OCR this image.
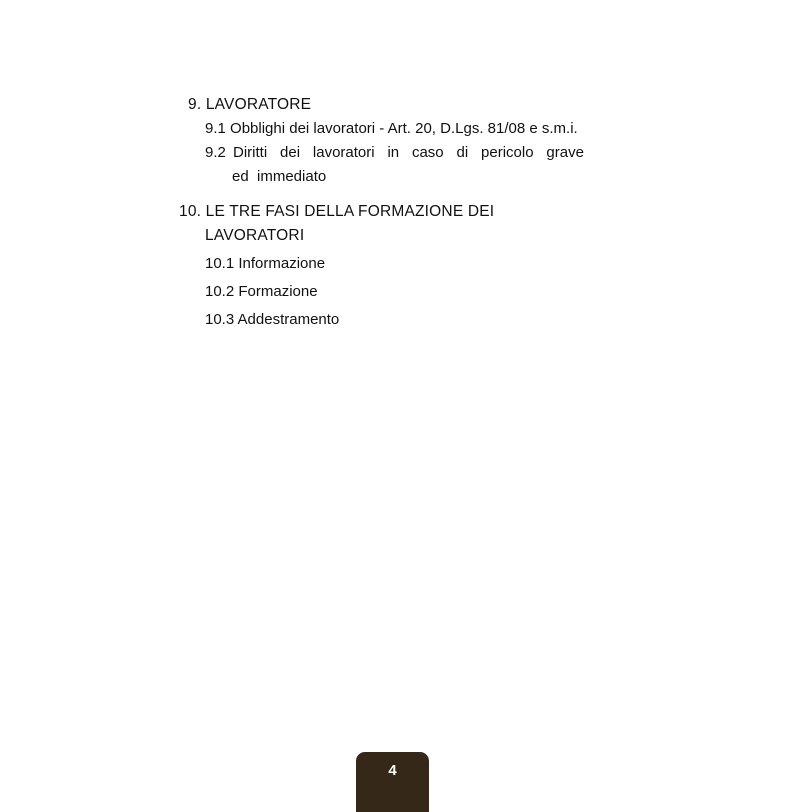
9. LAVORATORE
9.1 Obblighi dei lavoratori - Art. 20, D.Lgs. 81/08 e s.m.i.
9.2 Diritti dei lavoratori in caso di pericolo grave
ed  immediato
10. LE TRE FASI DELLA FORMAZIONE DEI
LAVORATORI
10.1 Informazione
10.2 Formazione
10.3 Addestramento
4
